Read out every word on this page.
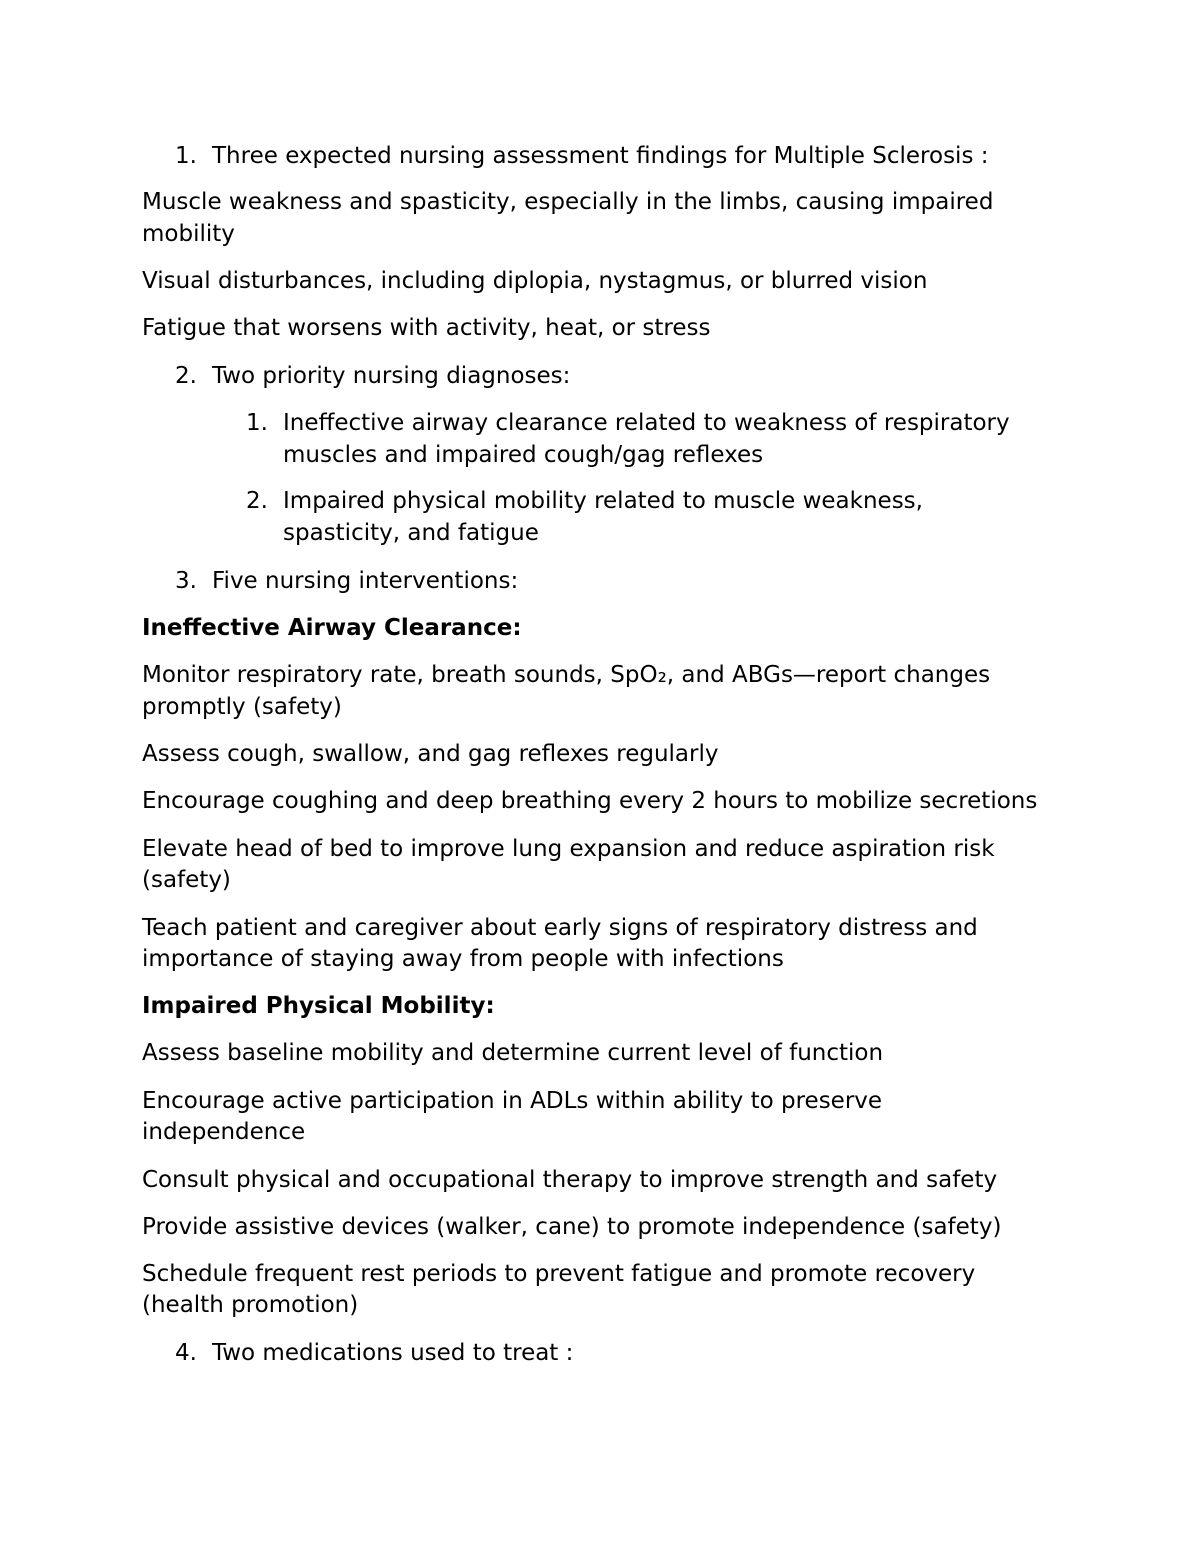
1. Three expected nursing assessment findings for Multiple Sclerosis :

Muscle weakness and spasticity, especially in the limbs, causing impaired

mobility

Visual disturbances, including diplopia, nystagmus, or blurred vision

Fatigue that worsens with activity, heat, or stress

2. Two priority nursing diagnoses:

1. Ineffective airway clearance related to weakness of respiratory

muscles and impaired cough/gag reflexes

2. Impaired physical mobility related to muscle weakness,

spasticity, and fatigue

3. Five nursing interventions:

Ineffective Airway Clearance:

Monitor respiratory rate, breath sounds, SpO₂, and ABGs—report changes

promptly (safety)

Assess cough, swallow, and gag reflexes regularly

Encourage coughing and deep breathing every 2 hours to mobilize secretions

Elevate head of bed to improve lung expansion and reduce aspiration risk

(safety)

Teach patient and caregiver about early signs of respiratory distress and

importance of staying away from people with infections

Impaired Physical Mobility:

Assess baseline mobility and determine current level of function

Encourage active participation in ADLs within ability to preserve

independence

Consult physical and occupational therapy to improve strength and safety

Provide assistive devices (walker, cane) to promote independence (safety)

Schedule frequent rest periods to prevent fatigue and promote recovery

(health promotion)

4. Two medications used to treat :
